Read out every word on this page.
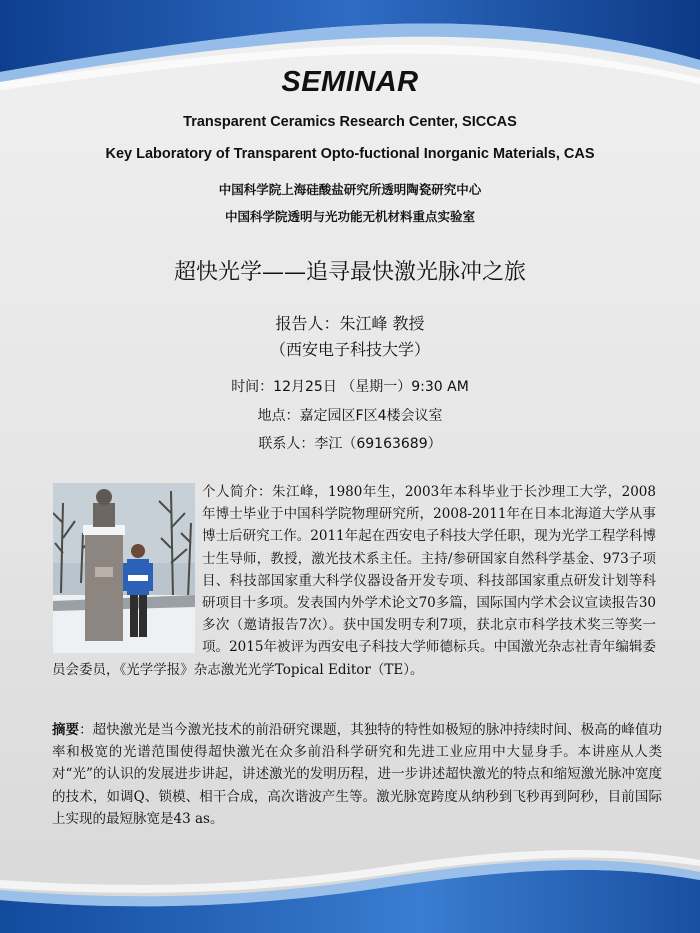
SEMINAR
Transparent Ceramics Research Center, SICCAS
Key Laboratory of Transparent Opto-fuctional Inorganic Materials, CAS
中国科学院上海硅酸盐研究所透明陶瓷研究中心
中国科学院透明与光功能无机材料重点实验室
超快光学——追寻最快激光脉冲之旅
报告人：朱江峰 教授
（西安电子科技大学）
时间：12月25日 （星期一）9:30 AM
地点：嘉定园区F区4楼会议室
联系人：李江（69163689）
个人简介：朱江峰，1980年生，2003年本科毕业于长沙理工大学，2008年博士毕业于中国科学院物理研究所，2008-2011年在日本北海道大学从事博士后研究工作。2011年起在西安电子科技大学任职，现为光学工程学科博士生导师，教授，激光技术系主任。主持/参研国家自然科学基金、973子项目、科技部国家重大科学仪器设备开发专项、科技部国家重点研发计划等科研项目十多项。发表国内外学术论文70多篇，国际国内学术会议宣读报告30多次（邀请报告7次）。获中国发明专利7项，获北京市科学技术奖三等奖一项。2015年被评为西安电子科技大学师德标兵。中国激光杂志社青年编辑委员会委员，《光学学报》杂志激光光学Topical Editor（TE）。
摘要：超快激光是当今激光技术的前沿研究课题，其独特的特性如极短的脉冲持续时间、极高的峰值功率和极宽的光谱范围使得超快激光在众多前沿科学研究和先进工业应用中大显身手。本讲座从人类对“光”的认识的发展进步讲起，讲述激光的发明历程，进一步讲述超快激光的特点和缩短激光脉冲宽度的技术，如调Q、锁模、相干合成，高次谐波产生等。激光脉宽跨度从纳秒到飞秒再到阿秒，目前国际上实现的最短脉宽是43 as。
